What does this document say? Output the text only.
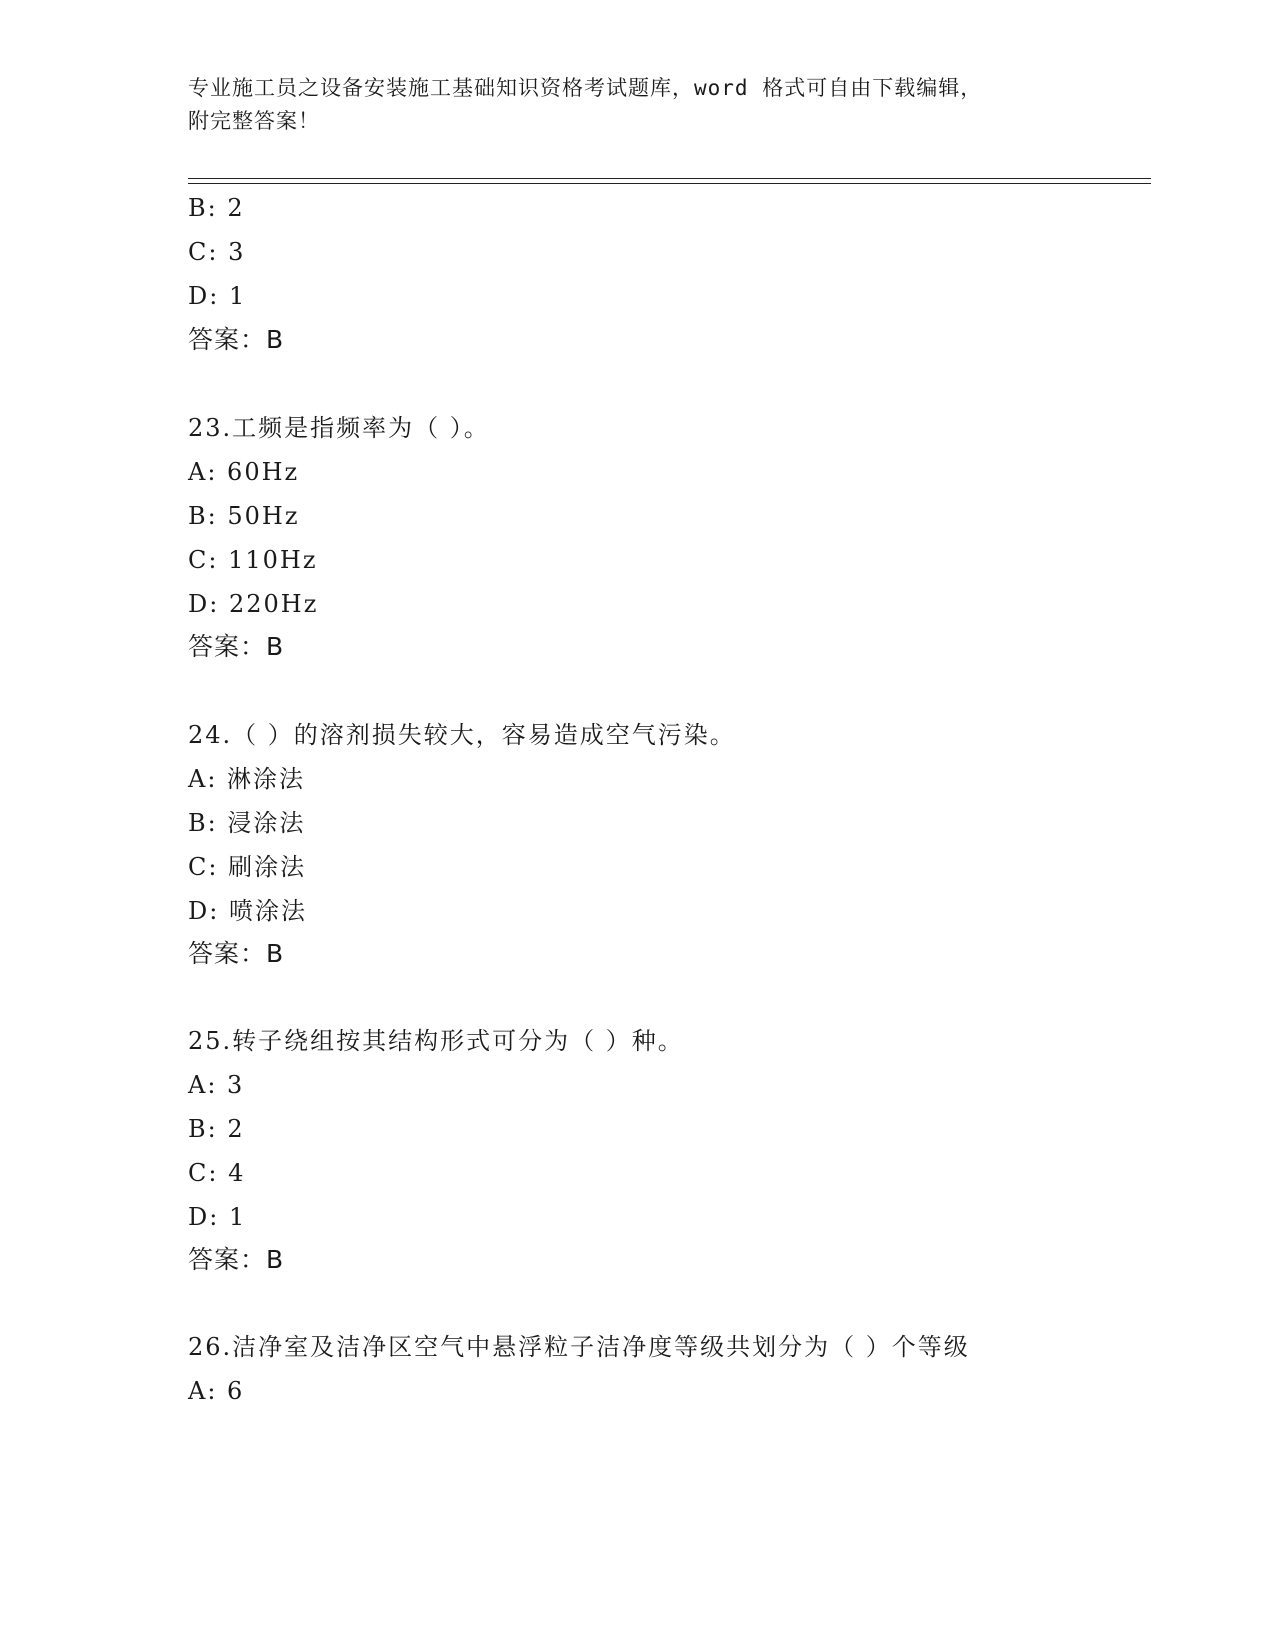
专业施工员之设备安装施工基础知识资格考试题库，word 格式可自由下载编辑，
附完整答案！
B: 2
C: 3
D: 1
答案：B
23.工频是指频率为（ ）。
A: 60Hz
B: 50Hz
C: 110Hz
D: 220Hz
答案：B
24.（ ）的溶剂损失较大，容易造成空气污染。
A: 淋涂法
B: 浸涂法
C: 刷涂法
D: 喷涂法
答案：B
25.转子绕组按其结构形式可分为（ ）种。
A: 3
B: 2
C: 4
D: 1
答案：B
26.洁净室及洁净区空气中悬浮粒子洁净度等级共划分为（ ）个等级
A: 6
